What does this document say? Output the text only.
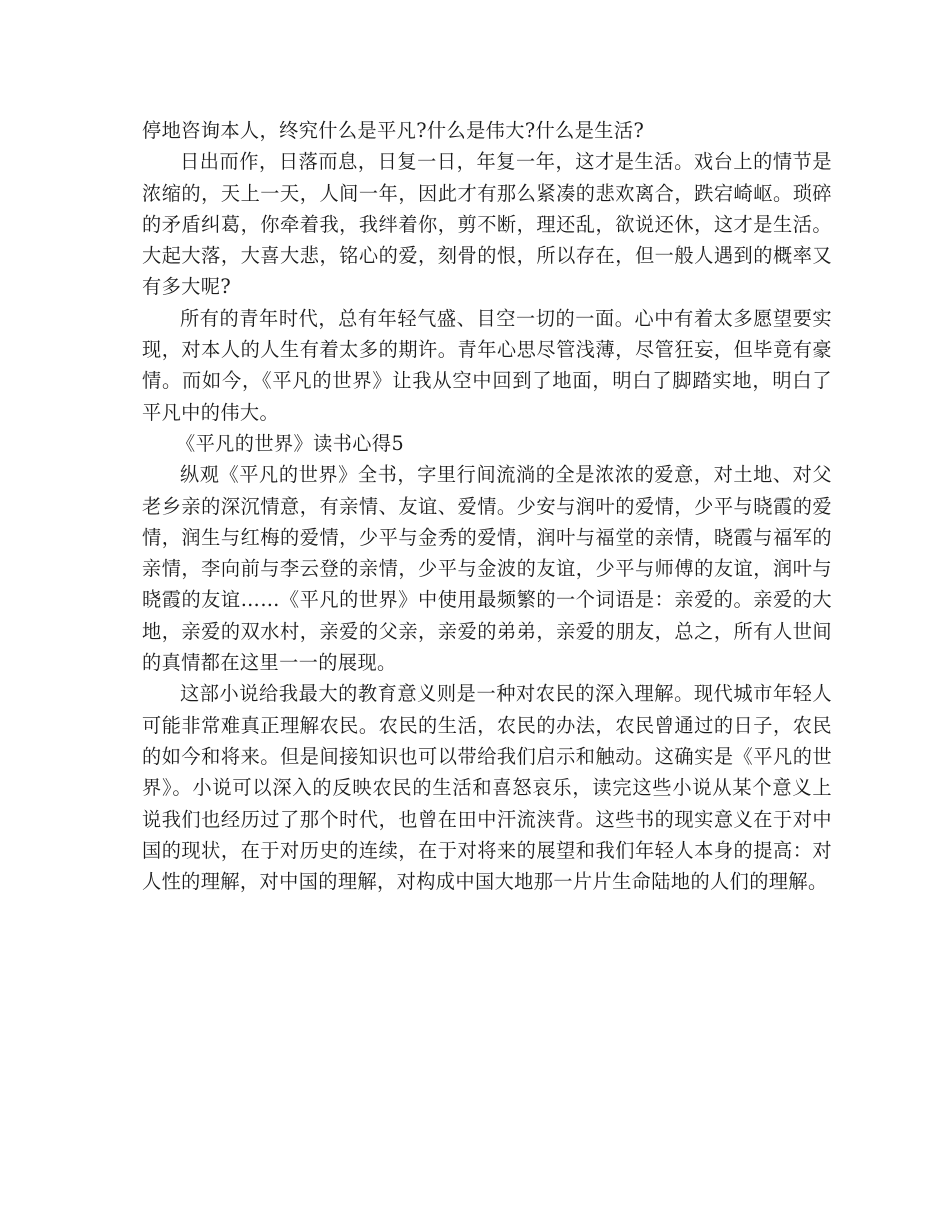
停地咨询本人，终究什么是平凡?什么是伟大?什么是生活?

日出而作，日落而息，日复一日，年复一年，这才是生活。戏台上的情节是浓缩的，天上一天，人间一年，因此才有那么紧凑的悲欢离合，跌宕崎岖。琐碎的矛盾纠葛，你牵着我，我绊着你，剪不断，理还乱，欲说还休，这才是生活。大起大落，大喜大悲，铭心的爱，刻骨的恨，所以存在，但一般人遇到的概率又有多大呢?

所有的青年时代，总有年轻气盛、目空一切的一面。心中有着太多愿望要实现，对本人的人生有着太多的期许。青年心思尽管浅薄，尽管狂妄，但毕竟有豪情。而如今，《平凡的世界》让我从空中回到了地面，明白了脚踏实地，明白了平凡中的伟大。

《平凡的世界》读书心得5

纵观《平凡的世界》全书，字里行间流淌的全是浓浓的爱意，对土地、对父老乡亲的深沉情意，有亲情、友谊、爱情。少安与润叶的爱情，少平与晓霞的爱情，润生与红梅的爱情，少平与金秀的爱情，润叶与福堂的亲情，晓霞与福军的亲情，李向前与李云登的亲情，少平与金波的友谊，少平与师傅的友谊，润叶与晓霞的友谊……《平凡的世界》中使用最频繁的一个词语是：亲爱的。亲爱的大地，亲爱的双水村，亲爱的父亲，亲爱的弟弟，亲爱的朋友，总之，所有人世间的真情都在这里一一的展现。

这部小说给我最大的教育意义则是一种对农民的深入理解。现代城市年轻人可能非常难真正理解农民。农民的生活，农民的办法，农民曾通过的日子，农民的如今和将来。但是间接知识也可以带给我们启示和触动。这确实是《平凡的世界》。小说可以深入的反映农民的生活和喜怒哀乐，读完这些小说从某个意义上说我们也经历过了那个时代，也曾在田中汗流浃背。这些书的现实意义在于对中国的现状，在于对历史的连续，在于对将来的展望和我们年轻人本身的提高：对人性的理解，对中国的理解，对构成中国大地那一片片生命陆地的人们的理解。
